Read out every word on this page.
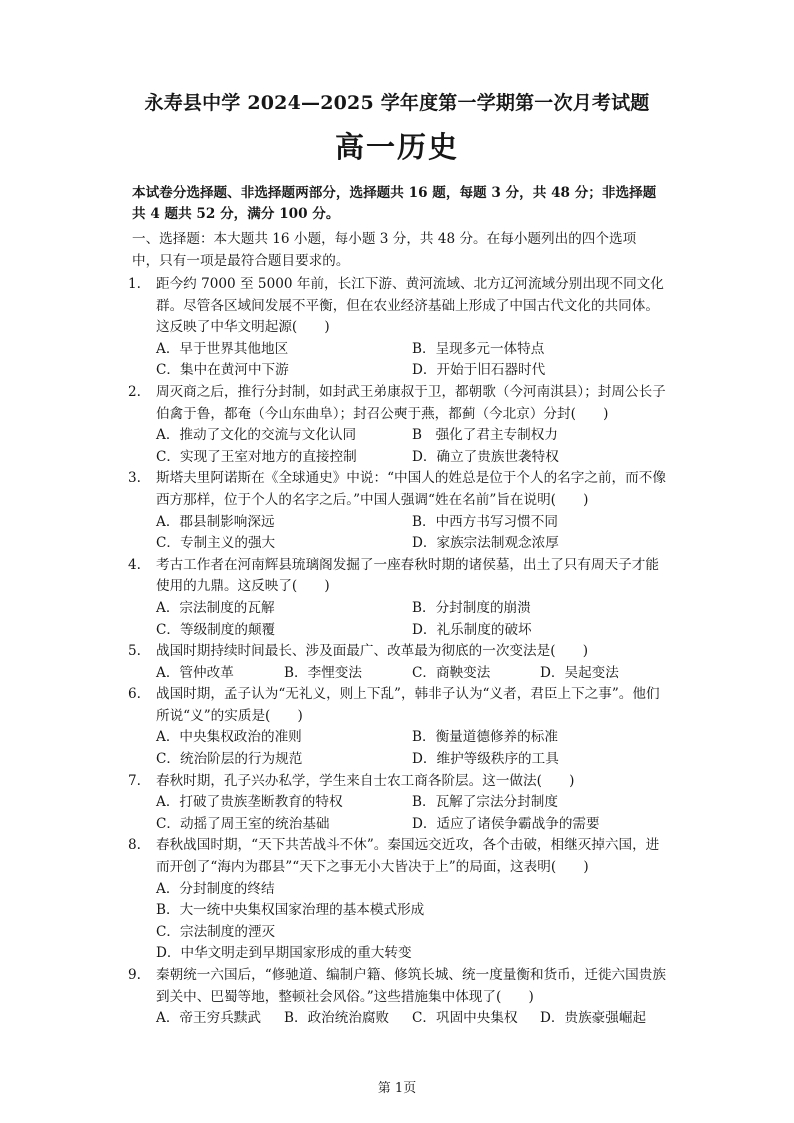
永寿县中学 2024—2025 学年度第一学期第一次月考试题
高一历史
本试卷分选择题、非选择题两部分，选择题共 16 题，每题 3 分，共 48 分；非选择题共 4 题共 52 分，满分 100 分。
一、选择题：本大题共 16 小题，每小题 3 分，共 48 分。在每小题列出的四个选项中，只有一项是最符合题目要求的。
1. 距今约 7000 至 5000 年前，长江下游、黄河流域、北方辽河流域分别出现不同文化群。尽管各区域间发展不平衡，但在农业经济基础上形成了中国古代文化的共同体。这反映了中华文明起源(　　)
A．早于世界其他地区	B．呈现多元一体特点
C．集中在黄河中下游	D．开始于旧石器时代
2. 周灭商之后，推行分封制，如封武王弟康叔于卫，都朝歌（今河南淇县）；封周公长子伯禽于鲁，都奄（今山东曲阜）；封召公奭于燕，都蓟（今北京）分封(　　)
A．推动了文化的交流与文化认同	B　强化了君主专制权力
C．实现了王室对地方的直接控制	D．确立了贵族世袭特权
3. 斯塔夫里阿诺斯在《全球通史》中说：“中国人的姓总是位于个人的名字之前，而不像西方那样，位于个人的名字之后。”中国人强调“姓在名前”旨在说明(　　)
A．郡县制影响深远	B．中西方书写习惯不同
C．专制主义的强大	D．家族宗法制观念浓厚
4. 考古工作者在河南辉县琉璃阁发掘了一座春秋时期的诸侯墓，出土了只有周天子才能使用的九鼎。这反映了(　　)
A．宗法制度的瓦解	B．分封制度的崩溃
C．等级制度的颠覆	D．礼乐制度的破坏
5. 战国时期持续时间最长、涉及面最广、改革最为彻底的一次变法是(　　)
A．管仲改革	B．李悝变法	C．商鞅变法	D．吴起变法
6. 战国时期，孟子认为“无礼义，则上下乱”，韩非子认为“义者，君臣上下之事”。他们所说“义”的实质是(　　)
A．中央集权政治的准则	B．衡量道德修养的标准
C．统治阶层的行为规范	D．维护等级秩序的工具
7. 春秋时期，孔子兴办私学，学生来自士农工商各阶层。这一做法(　　)
A．打破了贵族垄断教育的特权	B．瓦解了宗法分封制度
C．动摇了周王室的统治基础	D．适应了诸侯争霸战争的需要
8. 春秋战国时期，“天下共苦战斗不休”。秦国远交近攻，各个击破，相继灭掉六国，进而开创了“海内为郡县”“天下之事无小大皆决于上”的局面，这表明(　　)
A．分封制度的终结
B．大一统中央集权国家治理的基本模式形成
C．宗法制度的湮灭
D．中华文明走到早期国家形成的重大转变
9. 秦朝统一六国后，“修驰道、编制户籍、修筑长城、统一度量衡和货币，迁徙六国贵族到关中、巴蜀等地，整顿社会风俗。”这些措施集中体现了(　　)
A．帝王穷兵黩武	B．政治统治腐败	C．巩固中央集权	D．贵族豪强崛起
第 1页
